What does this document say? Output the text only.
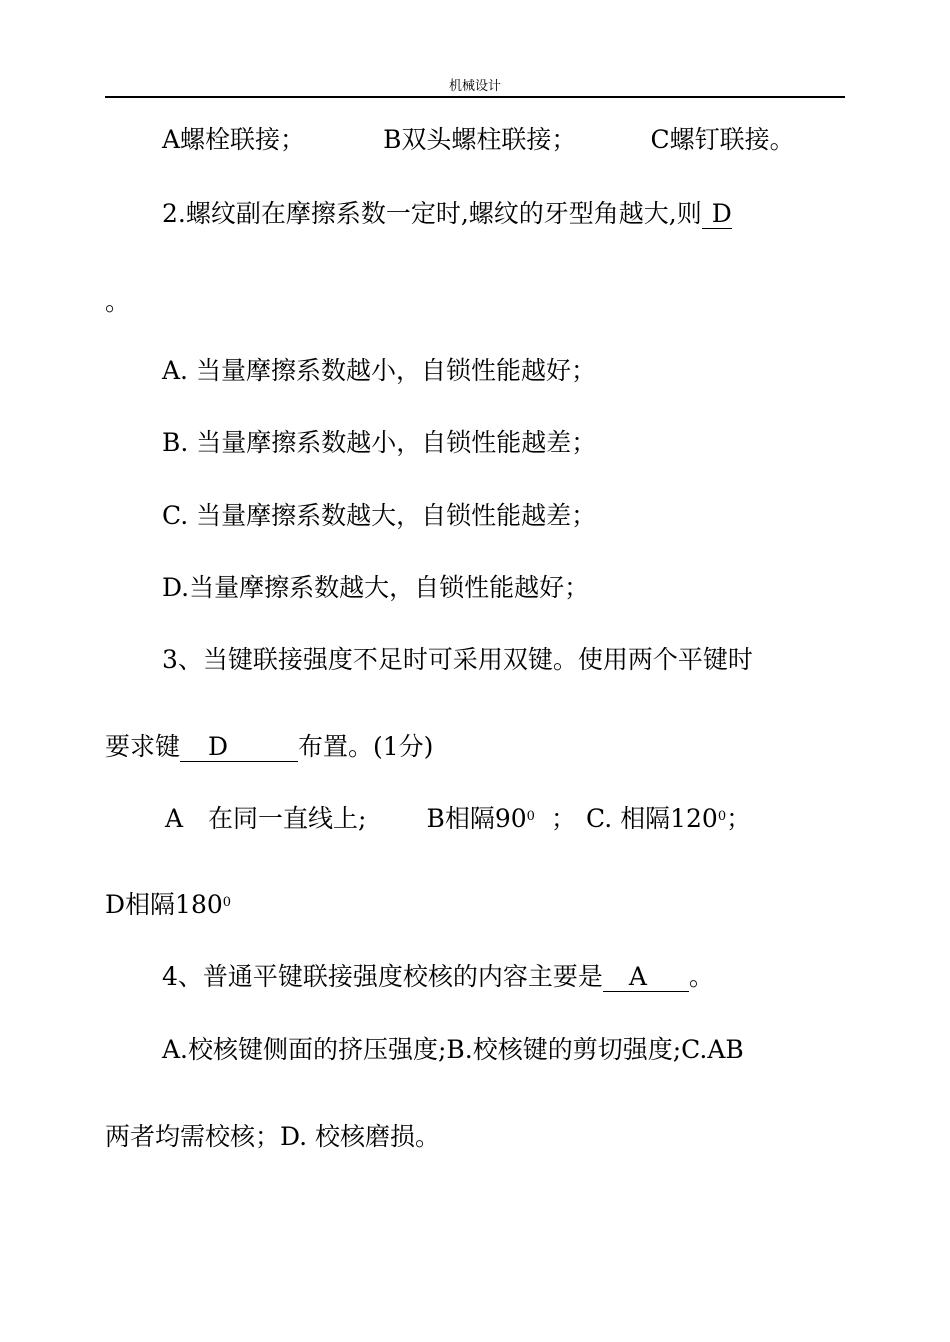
机械设计
A螺栓联接；	B双头螺柱联接；	C螺钉联接。
2.螺纹副在摩擦系数一定时,螺纹的牙型角越大,则 D
。
A. 当量摩擦系数越小，自锁性能越好；
B. 当量摩擦系数越小，自锁性能越差；
C. 当量摩擦系数越大，自锁性能越差；
D.当量摩擦系数越大，自锁性能越好；
3、当键联接强度不足时可采用双键。使用两个平键时
要求键 D	布置。(1分)
A　在同一直线上; B相隔$90^0$ ； C. 相隔$120^0$；
D相隔$180^0$
4、普通平键联接强度校核的内容主要是 A 。
A.校核键侧面的挤压强度;B.校核键的剪切强度;C.AB
两者均需校核；D. 校核磨损。
